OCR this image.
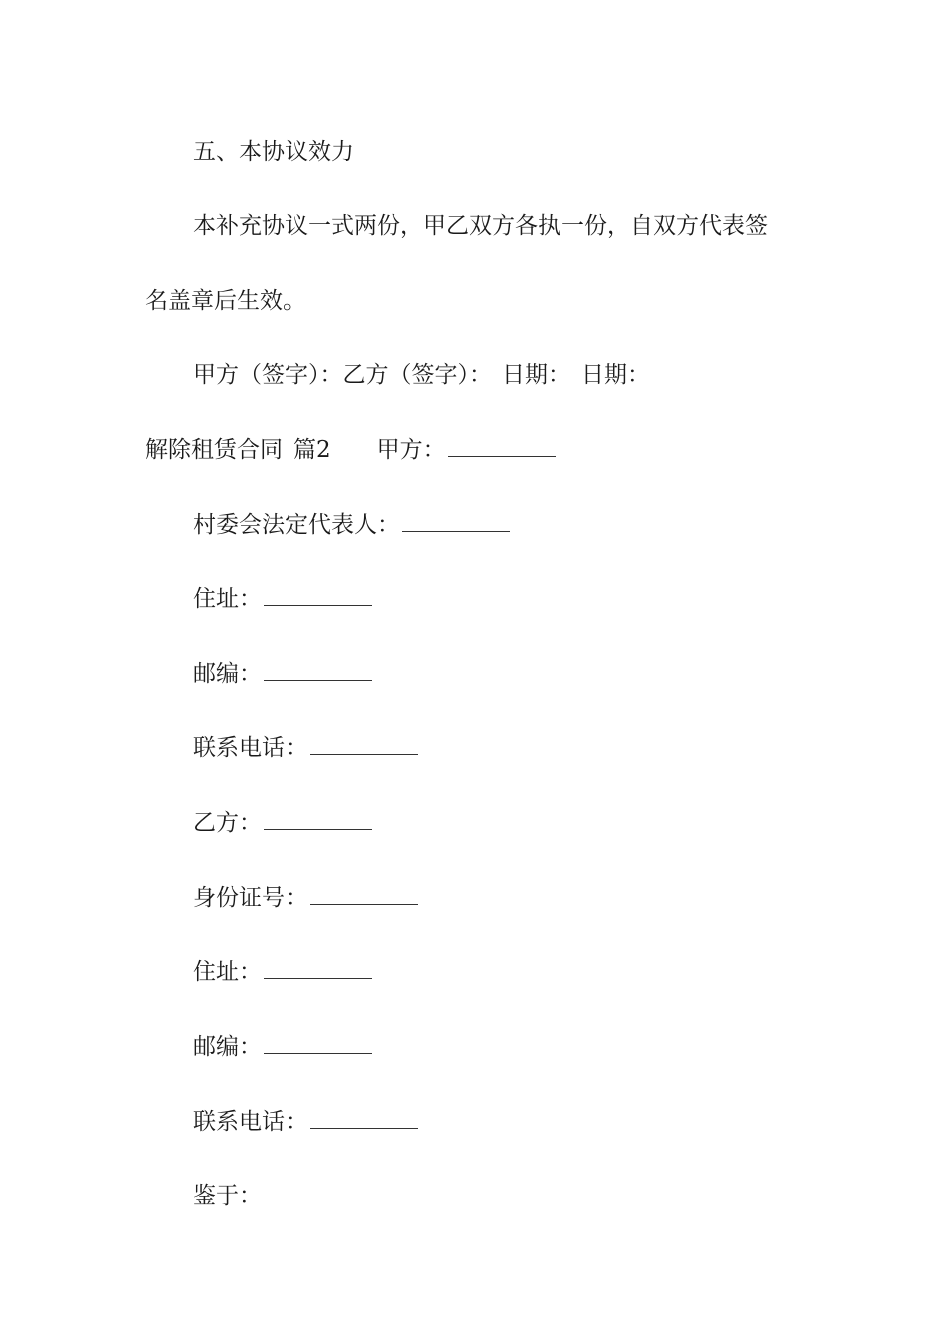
五、本协议效力
本补充协议一式两份，甲乙双方各执一份，自双方代表签
名盖章后生效。
甲方（签字）：乙方（签字）： 日期： 日期：
解除租赁合同 篇2 甲方：
村委会法定代表人：
住址：
邮编：
联系电话：
乙方：
身份证号：
住址：
邮编：
联系电话：
鉴于：
